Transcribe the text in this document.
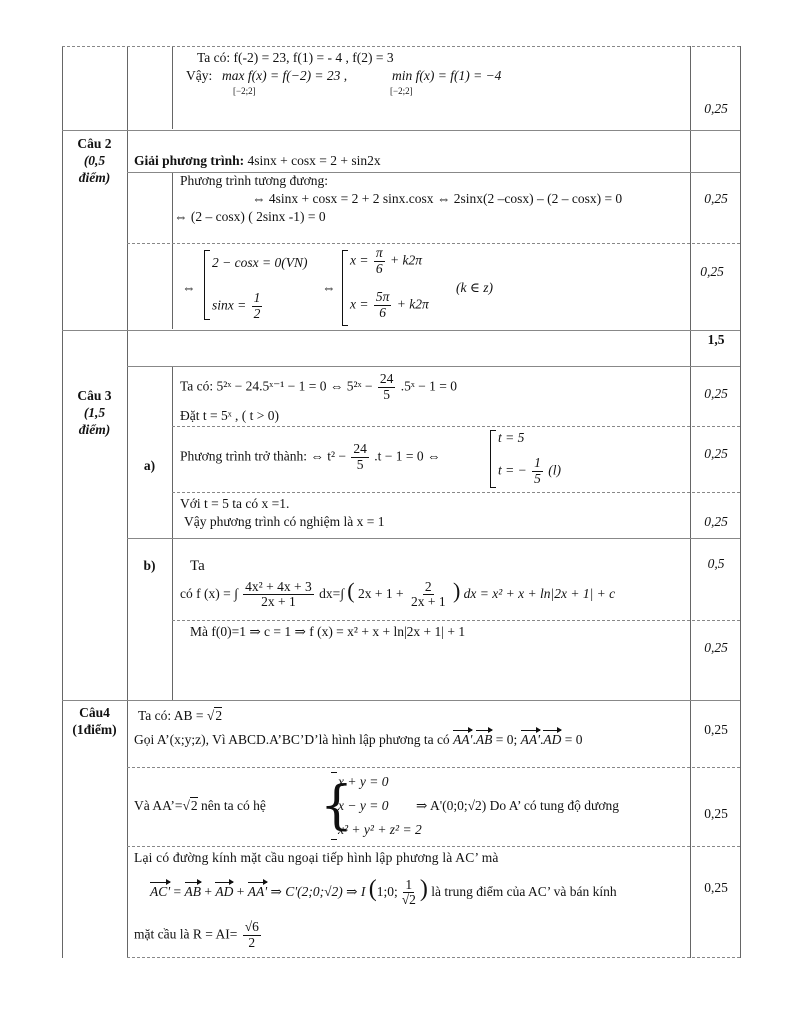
Ta có: f(-2) = 23, f(1) = - 4 , f(2) = 3
Vậy: max f(x) = f(−2) = 23 ,	min f(x) = f(1) = −4
[−2;2]	[−2;2]
0,25
Câu 2
(0,5
điểm)
Giải phương trình: 4sinx + cosx = 2 + sin2x
Phương trình tương đương:
⇔ 4sinx + cosx = 2 + 2 sinx.cosx ⇔ 2sinx(2 –cosx) – (2 – cosx) = 0
⇔ (2 – cosx) ( 2sinx -1) = 0
0,25
⇔
2 − cosx = 0(VN)
$\sin x = \frac{1}{2}$
⇔
$x = \frac{\pi}{6} + k2\pi$
$x = \frac{5\pi}{6} + k2\pi$
(k ∈ z)
0,25
1,5
Câu 3
(1,5
điểm)
a)
Ta có: 5²ˣ − 24.5ˣ⁻¹ − 1 = 0 ⇔ 5²ˣ − $\frac{24}{5}$ .5ˣ − 1 = 0
Đặt t = 5ˣ , ( t > 0)
0,25
Phương trình trở thành: ⇔ $t^2 - \frac{24}{5} .t - 1 = 0$ ⇔
t = 5
t = − $\frac{1}{5} (l)$
0,25
Với t = 5 ta có x =1.
Vậy phương trình có nghiệm là x = 1	0,25
b)	Ta
có f (x) = ∫ $\frac{\text{4x² + 4x + 3}}{2x + 1} dx=\int$ ( $2x + 1 + \frac{2}{2x + 1}$ ) dx = x² + x + ln|2x + 1| + c
0,5
Mà f(0)=1 ⇒ c = 1 ⇒ f (x) = x² + x + ln|2x + 1| + 1
0,25
Câu4
(1điểm)
Ta có: AB = √2
Gọi A’(x;y;z), Vì ABCD.A’BC’D’là hình lập phương ta có AA'.AB = 0; AA'.AD = 0
0,25
Và AA’=√2 nên ta có hệ {
x + y = 0
x − y = 0
x² + y² + z² = 2
⇒ A'(0;0;√2) Do A’ có tung độ dương
0,25
Lại có đường kính mặt cầu ngoại tiếp hình lập phương là AC’ mà
AC' = AB + AD + AA' ⇒ C'(2;0;√2) ⇒ I (1;0; $\frac{1}{√2}$ ) là trung điểm của AC’ và bán kính	0,25
mặt cầu là $R = AI= \frac{√6}{2}$
